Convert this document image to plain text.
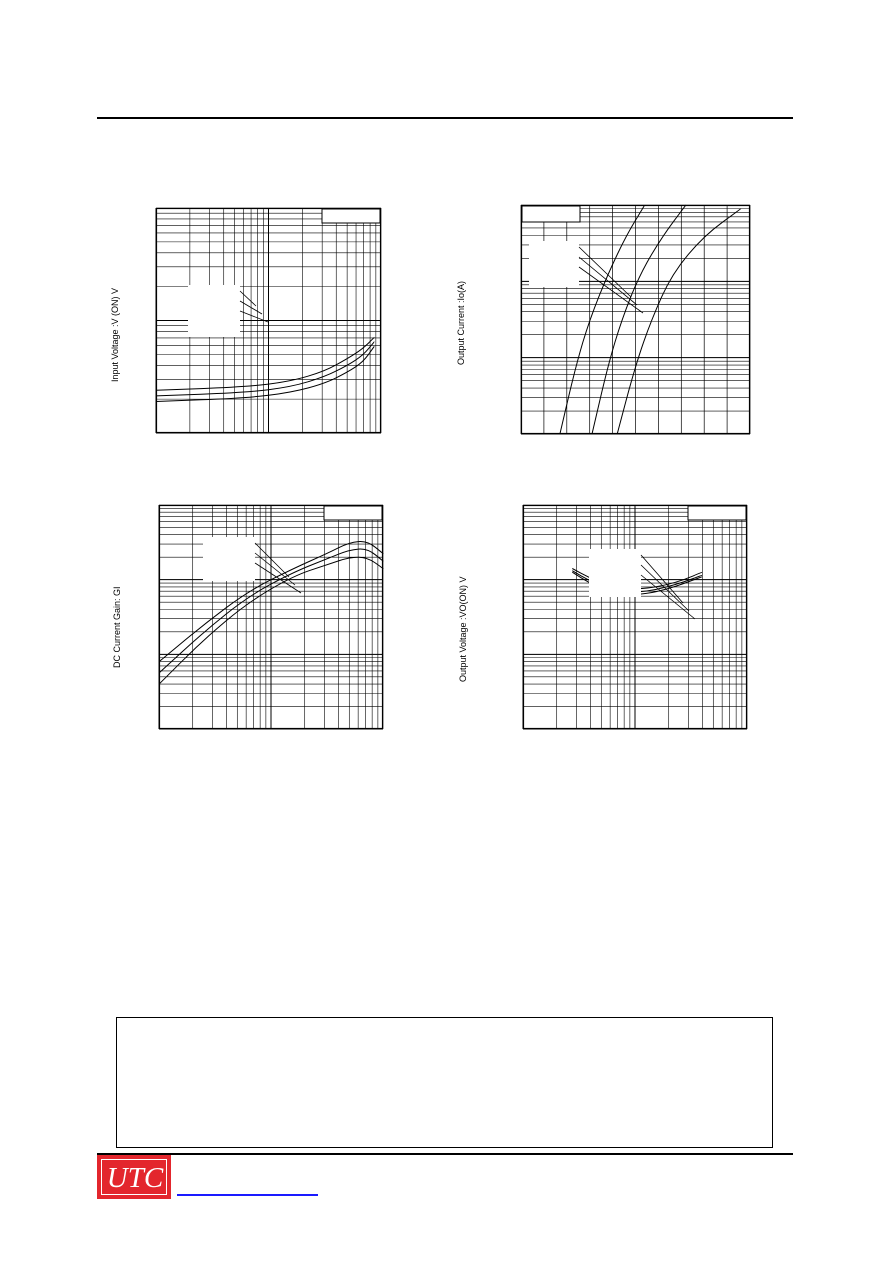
Input Voltage :V (ON) V	Output Current :Io(A)
DC Current Gain: GI	Output Voltage :VO(ON) V
UTC
